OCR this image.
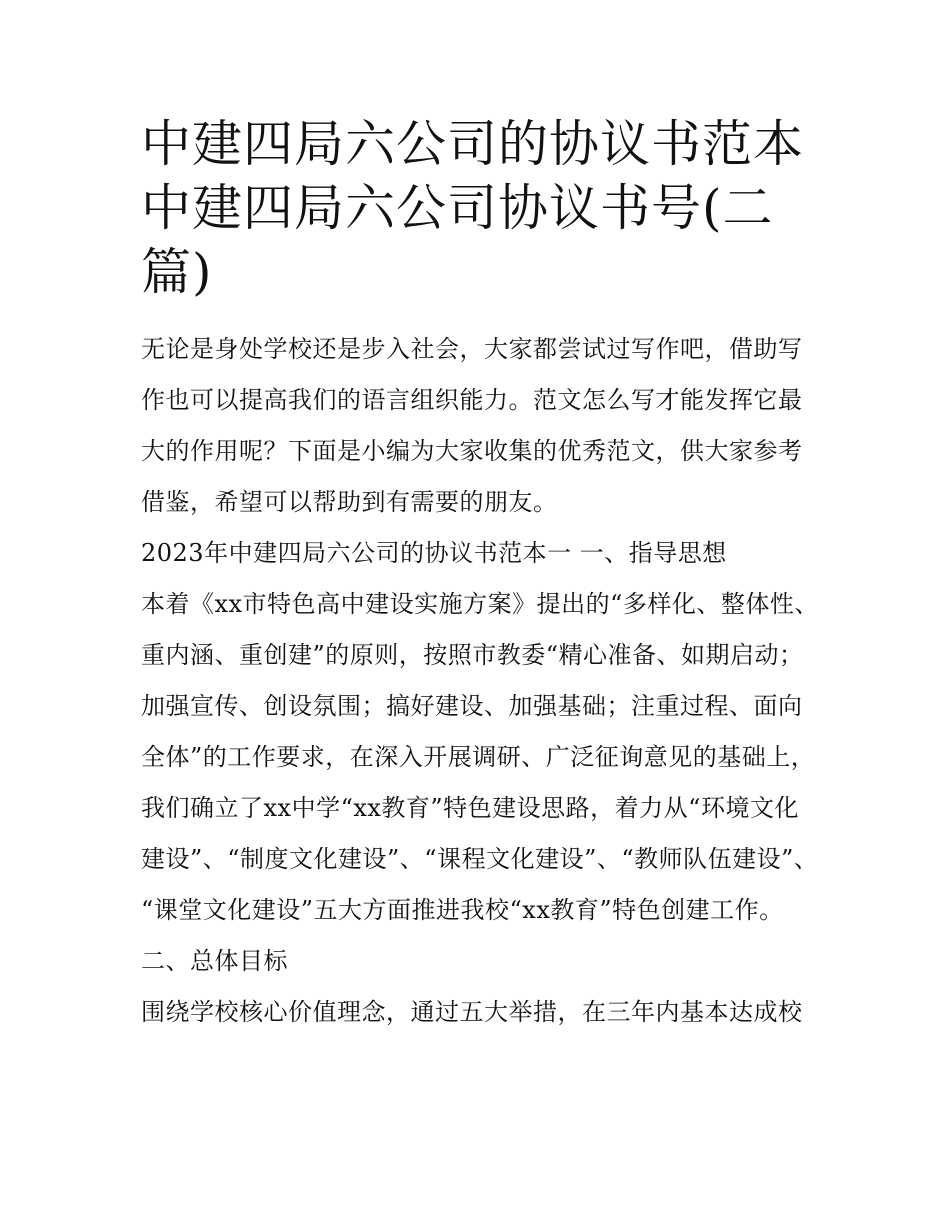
中建四局六公司的协议书范本 中建四局六公司协议书号(二篇)

无论是身处学校还是步入社会，大家都尝试过写作吧，借助写作也可以提高我们的语言组织能力。范文怎么写才能发挥它最大的作用呢？下面是小编为大家收集的优秀范文，供大家参考借鉴，希望可以帮助到有需要的朋友。

2023年中建四局六公司的协议书范本一 一、指导思想

本着《xx市特色高中建设实施方案》提出的“多样化、整体性、重内涵、重创建”的原则，按照市教委“精心准备、如期启动；加强宣传、创设氛围；搞好建设、加强基础；注重过程、面向全体”的工作要求，在深入开展调研、广泛征询意见的基础上，我们确立了xx中学“xx教育”特色建设思路，着力从“环境文化建设”、“制度文化建设”、“课程文化建设”、“教师队伍建设”、

“课堂文化建设”五大方面推进我校“xx教育”特色创建工作。

二、总体目标

围绕学校核心价值理念，通过五大举措，在三年内基本达成校
